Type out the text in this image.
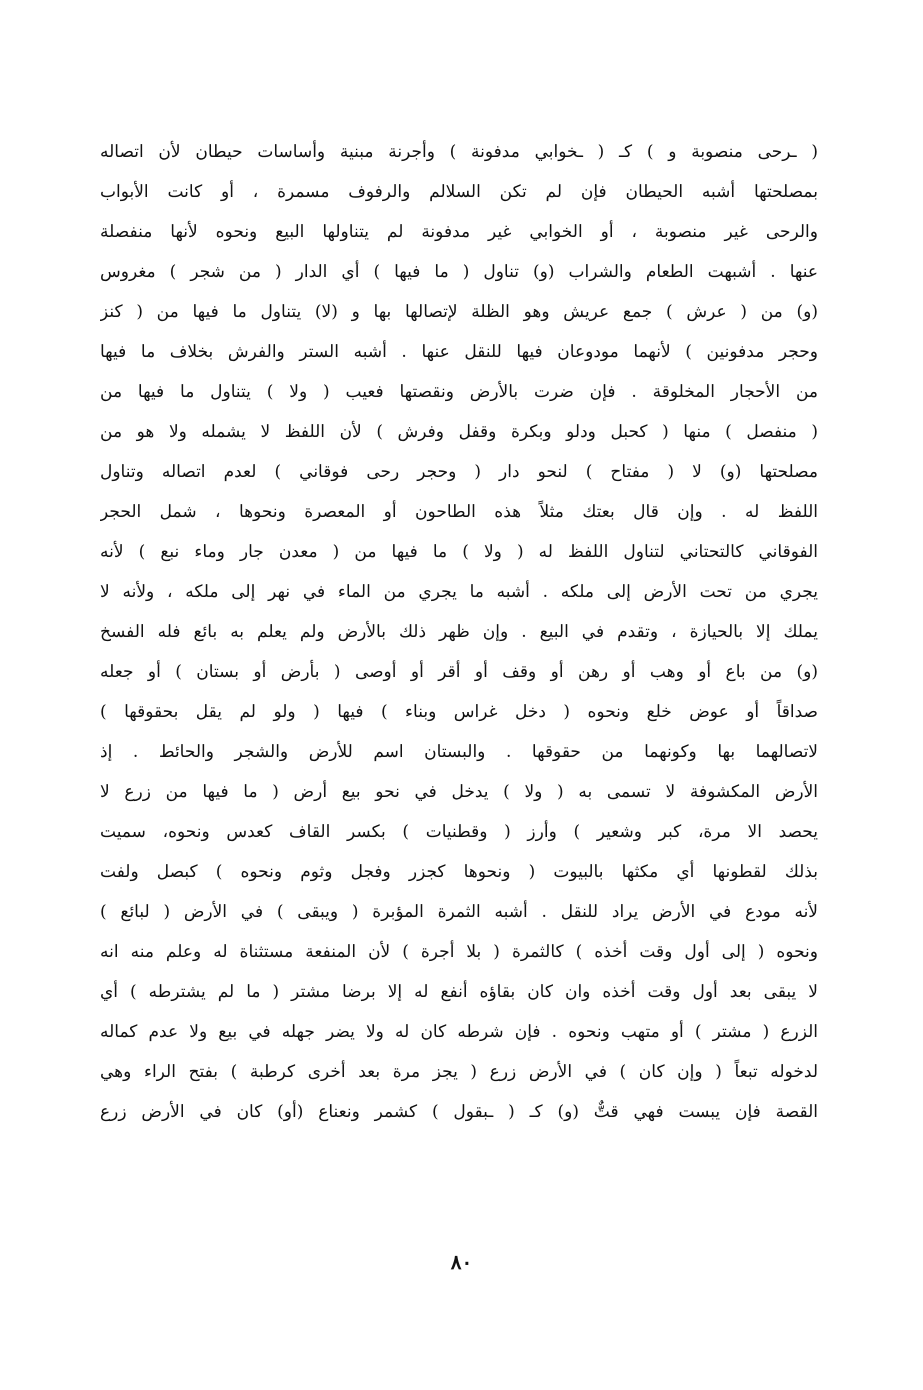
( ـرحى منصوبة و ) كـ ( ـخوابي مدفونة ) وأجرنة مبنية وأساسات حيطان لأن اتصاله
بمصلحتها أشبه الحيطان فإن لم تكن السلالم والرفوف مسمرة ، أو كانت الأبواب
والرحى غير منصوبة ، أو الخوابي غير مدفونة لم يتناولها البيع ونحوه لأنها منفصلة
عنها . أشبهت الطعام والشراب (و) تناول ( ما فيها ) أي الدار ( من شجر ) مغروس
(و) من ( عرش ) جمع عريش وهو الظلة لإتصالها بها و (لا) يتناول ما فيها من ( كنز
وحجر مدفونين ) لأنهما مودوعان فيها للنقل عنها . أشبه الستر والفرش بخلاف ما فيها
من الأحجار المخلوقة . فإن ضرت بالأرض ونقصتها فعيب ( ولا ) يتناول ما فيها من
( منفصل ) منها ( كحبل ودلو وبكرة وقفل وفرش ) لأن اللفظ لا يشمله ولا هو من
مصلحتها (و) لا ( مفتاح ) لنحو دار ( وحجر رحى فوقاني ) لعدم اتصاله وتناول
اللفظ له . وإن قال بعتك مثلاً هذه الطاحون أو المعصرة ونحوها ، شمل الحجر
الفوقاني كالتحتاني لتناول اللفظ له ( ولا ) ما فيها من ( معدن جار وماء نبع ) لأنه
يجري من تحت الأرض إلى ملكه . أشبه ما يجري من الماء في نهر إلى ملكه ، ولأنه لا
يملك إلا بالحيازة ، وتقدم في البيع . وإن ظهر ذلك بالأرض ولم يعلم به بائع فله الفسخ
(و) من باع أو وهب أو رهن أو وقف أو أقر أو أوصى ( بأرض أو بستان ) أو جعله
صداقاً أو عوض خلع ونحوه ( دخل غراس وبناء ) فيها ( ولو لم يقل بحقوقها )
لاتصالهما بها وكونهما من حقوقها . والبستان اسم للأرض والشجر والحائط . إذ
الأرض المكشوفة لا تسمى به ( ولا ) يدخل في نحو بيع أرض ( ما فيها من زرع لا
يحصد الا مرة، كبر وشعير ) وأرز ( وقطنيات ) بكسر القاف كعدس ونحوه، سميت
بذلك لقطونها أي مكثها بالبيوت ( ونحوها كجزر وفجل وثوم ونحوه ) كبصل ولفت
لأنه مودع في الأرض يراد للنقل . أشبه الثمرة المؤبرة ( ويبقى ) في الأرض ( لبائع )
ونحوه ( إلى أول وقت أخذه ) كالثمرة ( بلا أجرة ) لأن المنفعة مستثناة له وعلم منه انه
لا يبقى بعد أول وقت أخذه وان كان بقاؤه أنفع له إلا برضا مشتر ( ما لم يشترطه ) أي
الزرع ( مشتر ) أو متهب ونحوه . فإن شرطه كان له ولا يضر جهله في بيع ولا عدم كماله
لدخوله تبعاً ( وإن كان ) في الأرض زرع ( يجز مرة بعد أخرى كرطبة ) بفتح الراء وهي
القصة فإن يبست فهي قتٌّ (و) كـ ( ـبقول ) كشمر ونعناع (أو) كان في الأرض زرع
٨٠
